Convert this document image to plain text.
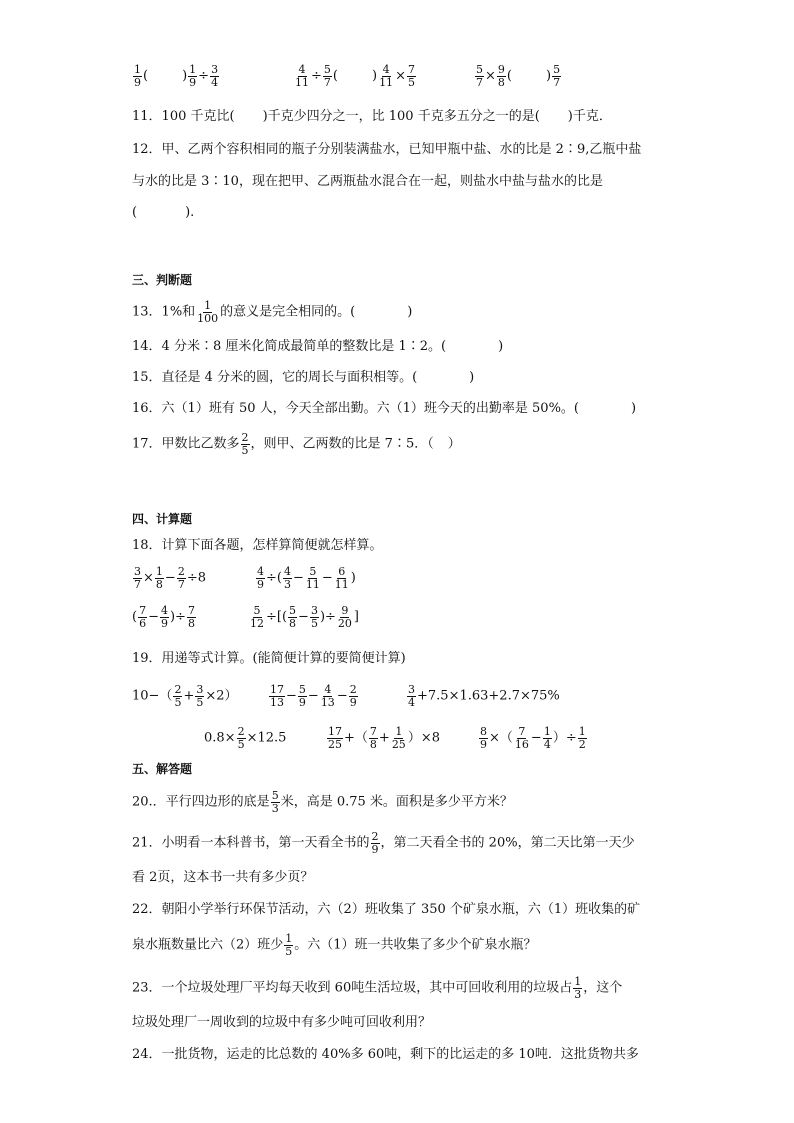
$\frac{1}{9}$ (	) $\frac{1}{9} \div \frac{3}{4}$	$\frac{4}{11} \div \frac{5}{7}$ (	) $\frac{4}{11} \times \frac{7}{5}$	$\frac{5}{7} \times \frac{9}{8}$ (	) $\frac{5}{7}$
11．100 千克比( )千克少四分之一，比 100 千克多五分之一的是( )千克．
12．甲、乙两个容积相同的瓶子分别装满盐水，已知甲瓶中盐、水的比是 2∶9,乙瓶中盐
与水的比是 3∶10，现在把甲、乙两瓶盐水混合在一起，则盐水中盐与盐水的比是
(	).
三、判断题
13．1%和 $\frac{1}{100}$ 的意义是完全相同的。(	)
14．4 分米∶8 厘米化简成最简单的整数比是 1∶2。(	)
15．直径是 4 分米的圆，它的周长与面积相等。(	)
16．六（1）班有 50 人，今天全部出勤。六（1）班今天的出勤率是 50%。(	)
17．甲数比乙数多 $\frac{2}{5}$ ，则甲、乙两数的比是 7∶5．（ ）
四、计算题
18．计算下面各题，怎样算简便就怎样算。
$\frac{3}{7} \times \frac{1}{8} - \frac{2}{7} \div 8$	$\frac{4}{9}$ ÷( $\frac{4}{3} - \frac{5}{11} - \frac{6}{11}$ )
( $\frac{7}{6} - \frac{4}{9}$ )÷ $\frac{7}{8}$	$\frac{5}{12}$ ÷[( $\frac{5}{8} - \frac{3}{5}$ )÷ $\frac{9}{20}$ ]
19．用递等式计算。(能简便计算的要简便计算)
$10-( \frac{2}{5} + \frac{3}{5} \times 2)$	$\frac{17}{13} - \frac{5}{9} - \frac{4}{13} - \frac{2}{9}$	$\frac{3}{4} +7.5\times 1.63+2.7\times 75\%$
$0.8\times \frac{2}{5} \times 12.5$	$\frac{17}{25}$ +（ $\frac{7}{8} + \frac{1}{25} )\times 8$	$\frac{8}{9}$ ×（ $\frac{7}{16} - \frac{1}{4}$ ）÷ $\frac{1}{2}$
五、解答题
20.．平行四边形的底是 $\frac{5}{3}$ 米，高是 0.75 米。面积是多少平方米？
21．小明看一本科普书，第一天看全书的 $\frac{2}{9}$ ，第二天看全书的 20%，第二天比第一天少
看 2页，这本书一共有多少页？
22．朝阳小学举行环保节活动，六（2）班收集了 350 个矿泉水瓶，六（1）班收集的矿
泉水瓶数量比六（2）班少 $\frac{1}{5}$ 。六（1）班一共收集了多少个矿泉水瓶？
23．一个垃圾处理厂平均每天收到 60吨生活垃圾，其中可回收利用的垃圾占 $\frac{1}{3}$ ，这个
垃圾处理厂一周收到的垃圾中有多少吨可回收利用？
24．一批货物，运走的比总数的 40%多 60吨，剩下的比运走的多 10吨．这批货物共多
